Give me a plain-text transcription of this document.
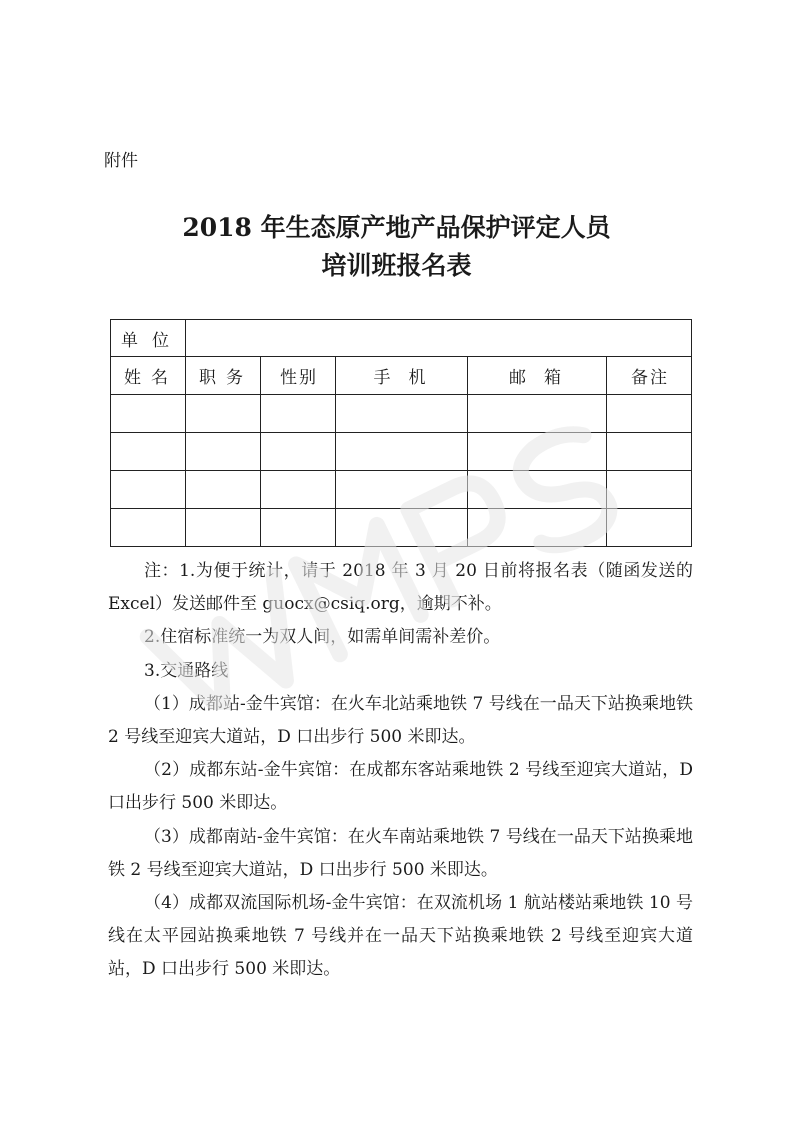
附件
2018 年生态原产地产品保护评定人员
培训班报名表
单位					
姓名	职务	性别	手机	邮箱	备注

注：1.为便于统计，请于 2018 年 3 月 20 日前将报名表（随函发送的 Excel）发送邮件至 guocx@csiq.org，逾期不补。

2.住宿标准统一为双人间，如需单间需补差价。

3.交通路线

（1）成都站-金牛宾馆：在火车北站乘地铁 7 号线在一品天下站换乘地铁 2 号线至迎宾大道站，D 口出步行 500 米即达。

（2）成都东站-金牛宾馆：在成都东客站乘地铁 2 号线至迎宾大道站，D 口出步行 500 米即达。

（3）成都南站-金牛宾馆：在火车南站乘地铁 7 号线在一品天下站换乘地铁 2 号线至迎宾大道站，D 口出步行 500 米即达。

（4）成都双流国际机场-金牛宾馆：在双流机场 1 航站楼站乘地铁 10 号线在太平园站换乘地铁 7 号线并在一品天下站换乘地铁 2 号线至迎宾大道站，D 口出步行 500 米即达。
